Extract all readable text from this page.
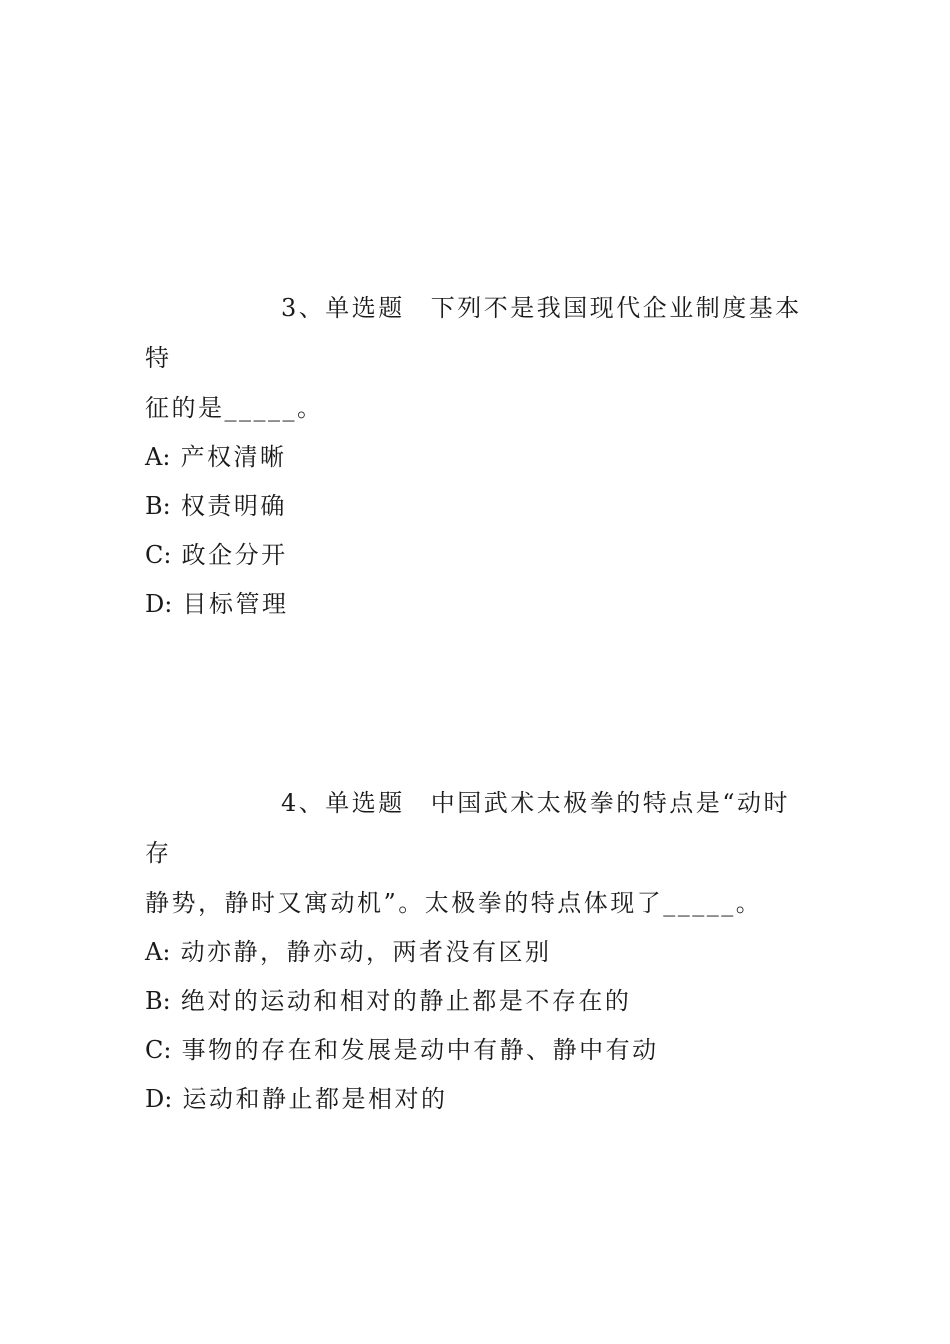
3、单选题 下列不是我国现代企业制度基本特
征的是_____。

A: 产权清晰

B: 权责明确

C: 政企分开

D: 目标管理

4、单选题 中国武术太极拳的特点是“动时存
静势，静时又寓动机”。太极拳的特点体现了_____。

A: 动亦静，静亦动，两者没有区别

B: 绝对的运动和相对的静止都是不存在的

C: 事物的存在和发展是动中有静、静中有动

D: 运动和静止都是相对的
